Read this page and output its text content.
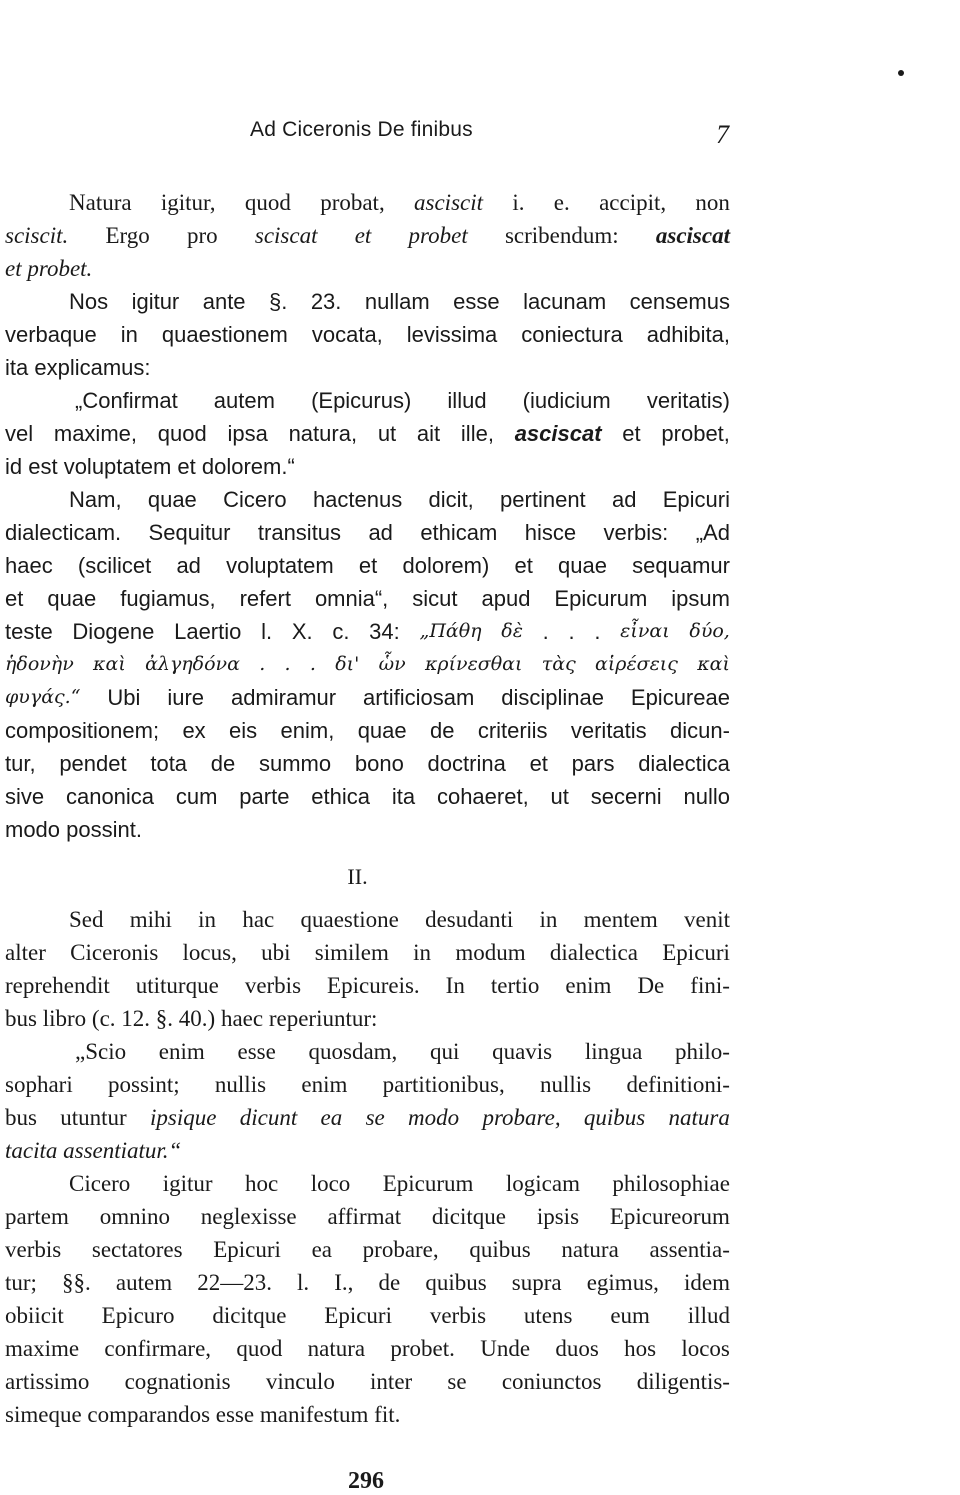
Ad Ciceronis De finibus	7
Natura igitur, quod probat, asciscit i. e. accipit, non
sciscit. Ergo pro sciscat et probet scribendum: asciscat
et probet.
Nos igitur ante §. 23. nullam esse lacunam censemus
verbaque in quaestionem vocata, levissima coniectura adhibita,
ita explicamus:
„Confirmat autem (Epicurus) illud (iudicium veritatis)
vel maxime, quod ipsa natura, ut ait ille, asciscat et probet,
id est voluptatem et dolorem.“
Nam, quae Cicero hactenus dicit, pertinent ad Epicuri
dialecticam. Sequitur transitus ad ethicam hisce verbis: „Ad
haec (scilicet ad voluptatem et dolorem) et quae sequamur
et quae fugiamus, refert omnia“, sicut apud Epicurum ipsum
teste Diogene Laertio l. X. c. 34: „Πάθη δὲ . . . εἶναι δύο,
ἡδονὴν καὶ ἀλγηδόνα . . . δι' ὧν κρίνεσθαι τὰς αἱρέσεις καὶ
φυγάς.“ Ubi iure admiramur artificiosam disciplinae Epicureae
compositionem; ex eis enim, quae de criteriis veritatis dicun-
tur, pendet tota de summo bono doctrina et pars dialectica
sive canonica cum parte ethica ita cohaeret, ut secerni nullo
modo possint.
II.
Sed mihi in hac quaestione desudanti in mentem venit
alter Ciceronis locus, ubi similem in modum dialectica Epicuri
reprehendit utiturque verbis Epicureis. In tertio enim De fini-
bus libro (c. 12. §. 40.) haec reperiuntur:
„Scio enim esse quosdam, qui quavis lingua philo-
sophari possint; nullis enim partitionibus, nullis definitioni-
bus utuntur ipsique dicunt ea se modo probare, quibus natura
tacita assentiatur.“
Cicero igitur hoc loco Epicurum logicam philosophiae
partem omnino neglexisse affirmat dicitque ipsis Epicureorum
verbis sectatores Epicuri ea probare, quibus natura assentia-
tur; §§. autem 22—23. l. I., de quibus supra egimus, idem
obiicit Epicuro dicitque Epicuri verbis utens eum illud
maxime confirmare, quod natura probet. Unde duos hos locos
artissimo cognationis vinculo inter se coniunctos diligentis-
simeque comparandos esse manifestum fit.
296
